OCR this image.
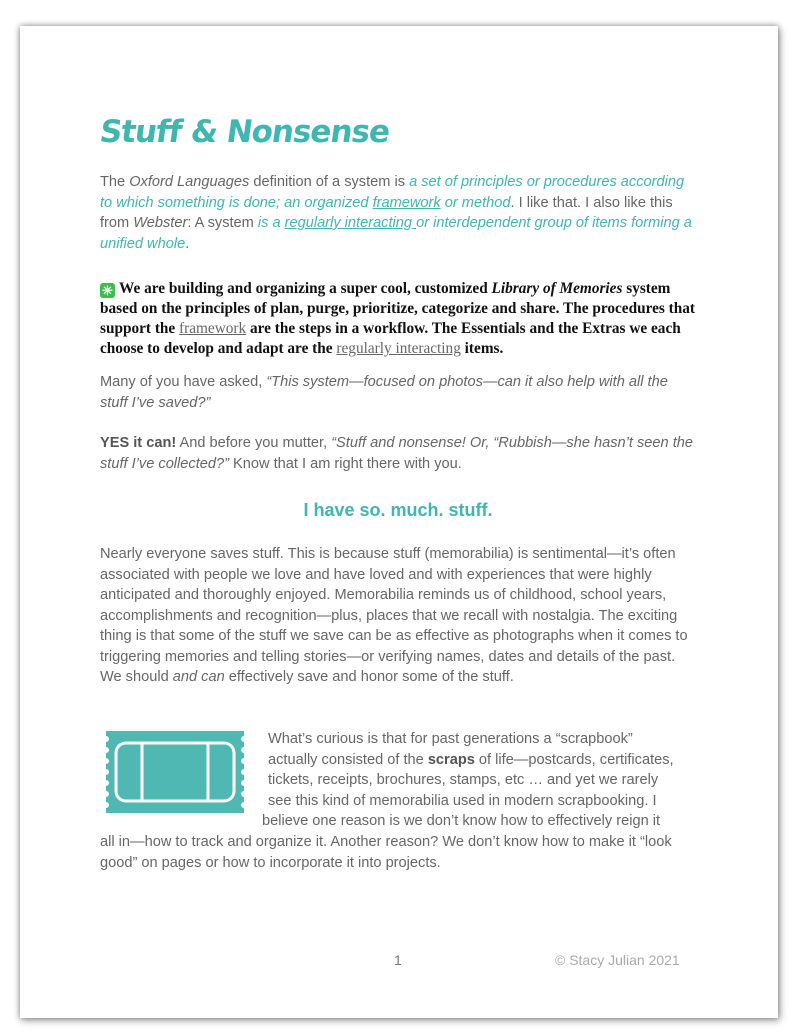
Stuff & Nonsense

The Oxford Languages definition of a system is a set of principles or procedures according to which something is done; an organized framework or method. I like that. I also like this from Webster: A system is a regularly interacting or interdependent group of items forming a unified whole.

✳ We are building and organizing a super cool, customized Library of Memories system based on the principles of plan, purge, prioritize, categorize and share. The procedures that support the framework are the steps in a workflow. The Essentials and the Extras we each choose to develop and adapt are the regularly interacting items.

Many of you have asked, “This system—focused on photos—can it also help with all the stuff I’ve saved?”

YES it can! And before you mutter, “Stuff and nonsense! Or, “Rubbish—she hasn’t seen the stuff I’ve collected?” Know that I am right there with you.

I have so. much. stuff.

Nearly everyone saves stuff. This is because stuff (memorabilia) is sentimental—it’s often associated with people we love and have loved and with experiences that were highly anticipated and thoroughly enjoyed. Memorabilia reminds us of childhood, school years, accomplishments and recognition—plus, places that we recall with nostalgia. The exciting thing is that some of the stuff we save can be as effective as photographs when it comes to triggering memories and telling stories—or verifying names, dates and details of the past. We should and can effectively save and honor some of the stuff.

What’s curious is that for past generations a “scrapbook”
actually consisted of the scraps of life—postcards, certificates,
tickets, receipts, brochures, stamps, etc … and yet we rarely
see this kind of memorabilia used in modern scrapbooking. I
believe one reason is we don’t know how to effectively reign it

all in—how to track and organize it. Another reason? We don’t know how to make it “look good” on pages or how to incorporate it into projects.

1	© Stacy Julian 2021
